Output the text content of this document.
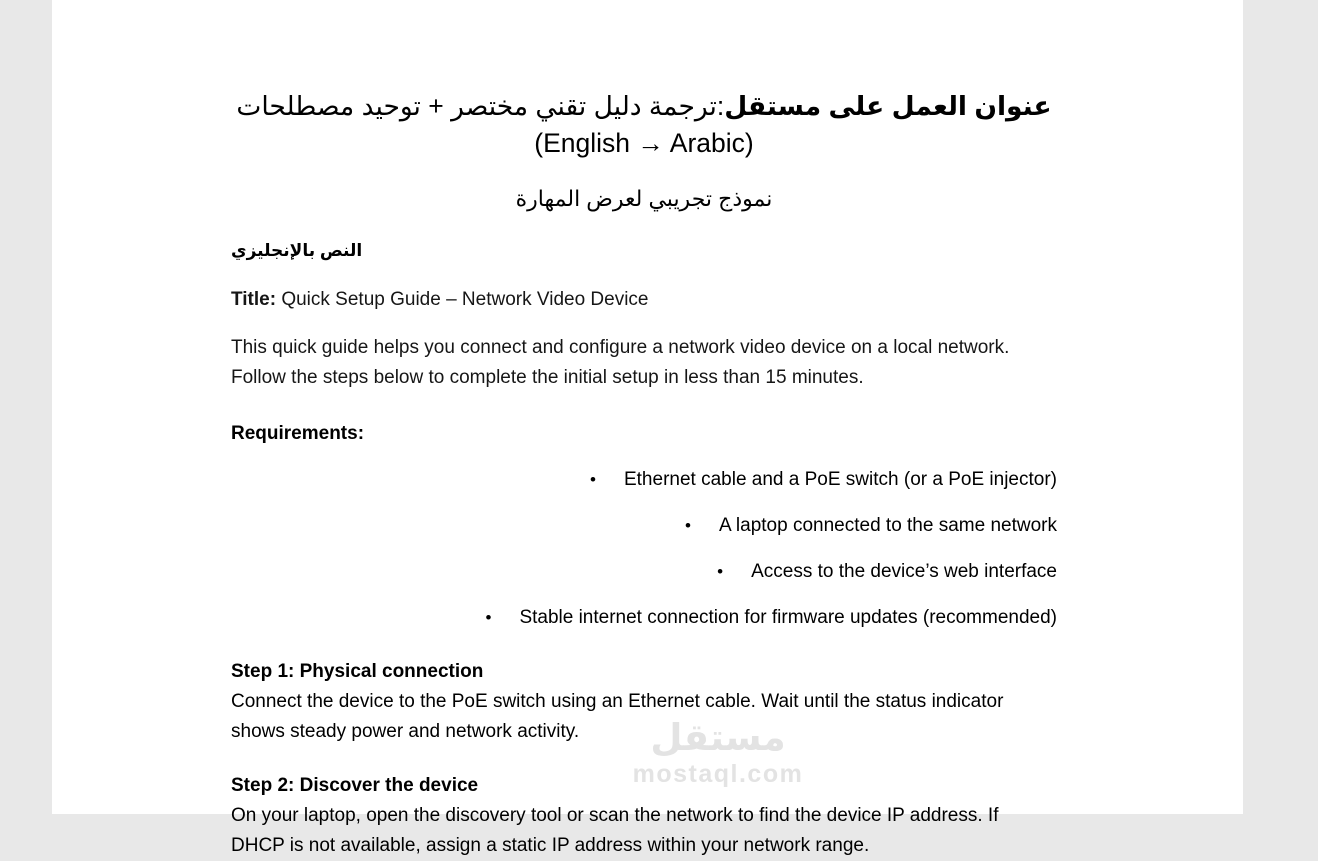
مستقل
mostaql.com
عنوان العمل على مستقل:ترجمة دليل تقني مختصر + توحيد مصطلحات (English → Arabic)
نموذج تجريبي لعرض المهارة
النص بالإنجليزي

Title: Quick Setup Guide – Network Video Device

This quick guide helps you connect and configure a network video device on a local network. Follow the steps below to complete the initial setup in less than 15 minutes.

Requirements:

• Ethernet cable and a PoE switch (or a PoE injector)
• A laptop connected to the same network
• Access to the device’s web interface
• Stable internet connection for firmware updates (recommended)

Step 1: Physical connection

Connect the device to the PoE switch using an Ethernet cable. Wait until the status indicator shows steady power and network activity.

Step 2: Discover the device

On your laptop, open the discovery tool or scan the network to find the device IP address. If DHCP is not available, assign a static IP address within your network range.
